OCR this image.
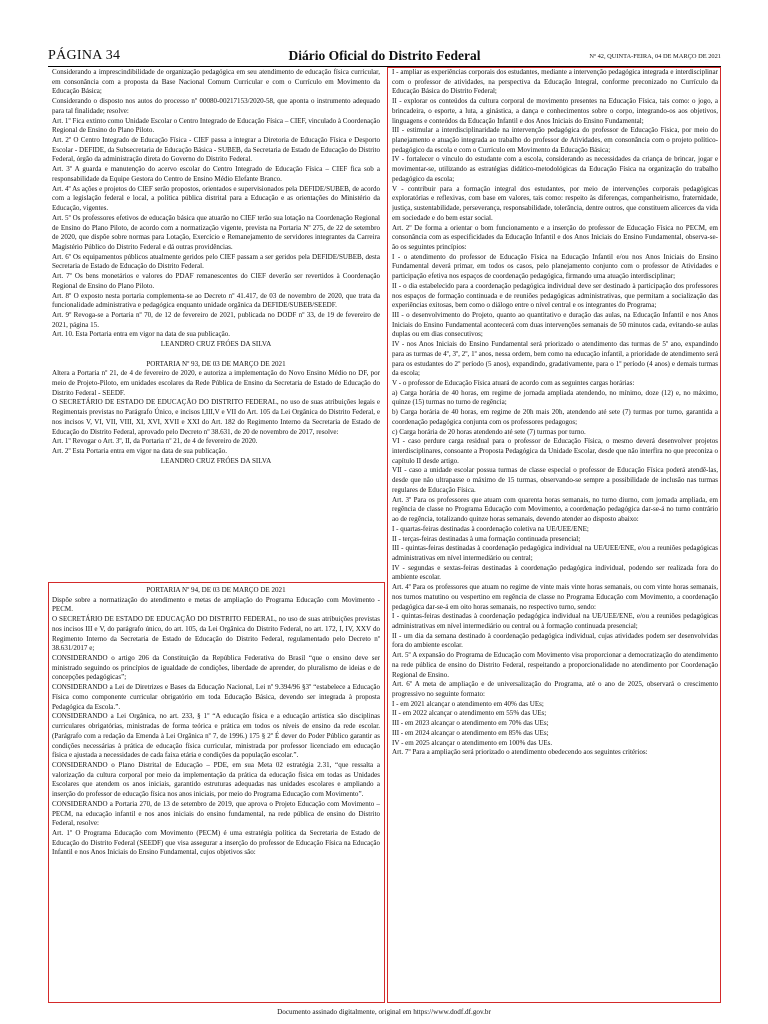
PÁGINA 34	Diário Oficial do Distrito Federal	Nº 42, QUINTA-FEIRA, 04 DE MARÇO DE 2021

Considerando a imprescindibilidade de organização pedagógica em seu atendimento de educação física curricular, em consonância com a proposta da Base Nacional Comum Curricular e com o Currículo em Movimento da Educação Básica;

Considerando o disposto nos autos do processo nº 00080-00217153/2020-58, que aponta o instrumento adequado para tal finalidade; resolve:

Art. 1º Fica extinto como Unidade Escolar o Centro Integrado de Educação Física – CIEF, vinculado à Coordenação Regional de Ensino do Plano Piloto.

Art. 2º O Centro Integrado de Educação Física - CIEF passa a integrar a Diretoria de Educação Física e Desporto Escolar - DEFIDE, da Subsecretaria de Educação Básica - SUBEB, da Secretaria de Estado de Educação do Distrito Federal, órgão da administração direta do Governo do Distrito Federal.

Art. 3º A guarda e manutenção do acervo escolar do Centro Integrado de Educação Física – CIEF fica sob a responsabilidade da Equipe Gestora do Centro de Ensino Médio Elefante Branco.

Art. 4º As ações e projetos do CIEF serão propostos, orientados e supervisionados pela DEFIDE/SUBEB, de acordo com a legislação federal e local, a política pública distrital para a Educação e as orientações do Ministério da Educação, vigentes.

Art. 5º Os professores efetivos de educação básica que atuarão no CIEF terão sua lotação na Coordenação Regional de Ensino do Plano Piloto, de acordo com a normatização vigente, prevista na Portaria Nº 275, de 22 de setembro de 2020, que dispõe sobre normas para Lotação, Exercício e Remanejamento de servidores integrantes da Carreira Magistério Público do Distrito Federal e dá outras providências.

Art. 6º Os equipamentos públicos atualmente geridos pelo CIEF passam a ser geridos pela DEFIDE/SUBEB, desta Secretaria de Estado de Educação do Distrito Federal.

Art. 7º Os bens monetários e valores do PDAF remanescentes do CIEF deverão ser revertidos à Coordenação Regional de Ensino do Plano Piloto.

Art. 8º O exposto nesta portaria complementa-se ao Decreto nº 41.417, de 03 de novembro de 2020, que trata da funcionalidade administrativa e pedagógica enquanto unidade orgânica da DEFIDE/SUBEB/SEEDF.

Art. 9º Revoga-se a Portaria nº 70, de 12 de fevereiro de 2021, publicada no DODF nº 33, de 19 de fevereiro de 2021, página 15.

Art. 10. Esta Portaria entra em vigor na data de sua publicação.

LEANDRO CRUZ FRÓES DA SILVA

PORTARIA Nº 93, DE 03 DE MARÇO DE 2021

Altera a Portaria nº 21, de 4 de fevereiro de 2020, e autoriza a implementação do Novo Ensino Médio no DF, por meio de Projeto-Piloto, em unidades escolares da Rede Pública de Ensino da Secretaria de Estado de Educação do Distrito Federal - SEEDF.

O SECRETÁRIO DE ESTADO DE EDUCAÇÃO DO DISTRITO FEDERAL, no uso de suas atribuições legais e Regimentais previstas no Parágrafo Único, e incisos I,III,V e VII do Art. 105 da Lei Orgânica do Distrito Federal, e nos incisos V, VI, VII, VIII, XI, XVI, XVII e XXI do Art. 182 do Regimento Interno da Secretaria de Estado de Educação do Distrito Federal, aprovado pelo Decreto nº 38.631, de 20 de novembro de 2017, resolve:

Art. 1º Revogar o Art. 3º, II, da Portaria nº 21, de 4 de fevereiro de 2020.

Art. 2º Esta Portaria entra em vigor na data de sua publicação.

LEANDRO CRUZ FRÓES DA SILVA

PORTARIA Nº 94, DE 03 DE MARÇO DE 2021

Dispõe sobre a normatização do atendimento e metas de ampliação do Programa Educação com Movimento - PECM.

O SECRETÁRIO DE ESTADO DE EDUCAÇÃO DO DISTRITO FEDERAL, no uso de suas atribuições previstas nos incisos III e V, do parágrafo único, do art. 105, da Lei Orgânica do Distrito Federal, no art. 172, I, IV, XXV do Regimento Interno da Secretaria de Estado de Educação do Distrito Federal, regulamentado pelo Decreto nº 38.631/2017 e;

CONSIDERANDO o artigo 206 da Constituição da República Federativa do Brasil “que o ensino deve ser ministrado seguindo os princípios de igualdade de condições, liberdade de aprender, do pluralismo de ideias e de concepções pedagógicas”;

CONSIDERANDO a Lei de Diretrizes e Bases da Educação Nacional, Lei nº 9.394/96 §3º “estabelece a Educação Física como componente curricular obrigatório em toda Educação Básica, devendo ser integrada à proposta Pedagógica da Escola.”.

CONSIDERANDO a Lei Orgânica, no art. 233, § 1º “A educação física e a educação artística são disciplinas curriculares obrigatórias, ministradas de forma teórica e prática em todos os níveis de ensino da rede escolar. (Parágrafo com a redação da Emenda à Lei Orgânica nº 7, de 1996.) 175 § 2º É dever do Poder Público garantir as condições necessárias à prática de educação física curricular, ministrada por professor licenciado em educação física e ajustada a necessidades de cada faixa etária e condições da população escolar.”.

CONSIDERANDO o Plano Distrital de Educação – PDE, em sua Meta 02 estratégia 2.31, “que ressalta a valorização da cultura corporal por meio da implementação da prática da educação física em todas as Unidades Escolares que atendem os anos iniciais, garantido estruturas adequadas nas unidades escolares e ampliando a inserção do professor de educação física nos anos iniciais, por meio do Programa Educação com Movimento”.

CONSIDERANDO a Portaria 270, de 13 de setembro de 2019, que aprova o Projeto Educação com Movimento – PECM, na educação infantil e nos anos iniciais do ensino fundamental, na rede pública de ensino do Distrito Federal, resolve:

Art. 1º O Programa Educação com Movimento (PECM) é uma estratégia política da Secretaria de Estado de Educação do Distrito Federal (SEEDF) que visa assegurar a inserção do professor de Educação Física na Educação Infantil e nos Anos Iniciais do Ensino Fundamental, cujos objetivos são:

I - ampliar as experiências corporais dos estudantes, mediante a intervenção pedagógica integrada e interdisciplinar com o professor de atividades, na perspectiva da Educação Integral, conforme preconizado no Currículo da Educação Básica do Distrito Federal;

II - explorar os conteúdos da cultura corporal de movimento presentes na Educação Física, tais como: o jogo, a brincadeira, o esporte, a luta, a ginástica, a dança e conhecimentos sobre o corpo, integrando-os aos objetivos, linguagens e conteúdos da Educação Infantil e dos Anos Iniciais do Ensino Fundamental;

III - estimular a interdisciplinaridade na intervenção pedagógica do professor de Educação Física, por meio do planejamento e atuação integrada ao trabalho do professor de Atividades, em consonância com o projeto político-pedagógico da escola e com o Currículo em Movimento da Educação Básica;

IV - fortalecer o vínculo do estudante com a escola, considerando as necessidades da criança de brincar, jogar e movimentar-se, utilizando as estratégias didático-metodológicas da Educação Física na organização do trabalho pedagógico da escola;

V - contribuir para a formação integral dos estudantes, por meio de intervenções corporais pedagógicas exploratórias e reflexivas, com base em valores, tais como: respeito às diferenças, companheirismo, fraternidade, justiça, sustentabilidade, perseverança, responsabilidade, tolerância, dentre outros, que constituem alicerces da vida em sociedade e do bem estar social.

Art. 2º De forma a orientar o bom funcionamento e a inserção do professor de Educação Física no PECM, em consonância com as especificidades da Educação Infantil e dos Anos Iniciais do Ensino Fundamental, observa-se-ão os seguintes princípios:

I - o atendimento do professor de Educação Física na Educação Infantil e/ou nos Anos Iniciais do Ensino Fundamental deverá primar, em todos os casos, pelo planejamento conjunto com o professor de Atividades e participação efetiva nos espaços de coordenação pedagógica, firmando uma atuação interdisciplinar;

II - o dia estabelecido para a coordenação pedagógica individual deve ser destinado à participação dos professores nos espaços de formação continuada e de reuniões pedagógicas administrativas, que permitam a socialização das experiências exitosas, bem como o diálogo entre o nível central e os integrantes do Programa;

III - o desenvolvimento do Projeto, quanto ao quantitativo e duração das aulas, na Educação Infantil e nos Anos Iniciais do Ensino Fundamental acontecerá com duas intervenções semanais de 50 minutos cada, evitando-se aulas duplas ou em dias consecutivos;

IV - nos Anos Iniciais do Ensino Fundamental será priorizado o atendimento das turmas de 5º ano, expandindo para as turmas de 4º, 3º, 2º, 1º anos, nessa ordem, bem como na educação infantil, a prioridade de atendimento será para os estudantes do 2º período (5 anos), expandindo, gradativamente, para o 1º período (4 anos) e demais turmas da escola;

V - o professor de Educação Física atuará de acordo com as seguintes cargas horárias:

a) Carga horária de 40 horas, em regime de jornada ampliada atendendo, no mínimo, doze (12) e, no máximo, quinze (15) turmas no turno de regência;

b) Carga horária de 40 horas, em regime de 20h mais 20h, atendendo até sete (7) turmas por turno, garantida a coordenação pedagógica conjunta com os professores pedagogos;

c) Carga horária de 20 horas atendendo até sete (7) turmas por turno.

VI - caso perdure carga residual para o professor de Educação Física, o mesmo deverá desenvolver projetos interdisciplinares, consoante a Proposta Pedagógica da Unidade Escolar, desde que não interfira no que preconiza o capítulo II desde artigo.

VII - caso a unidade escolar possua turmas de classe especial o professor de Educação Física poderá atendê-las, desde que não ultrapasse o máximo de 15 turmas, observando-se sempre a possibilidade de inclusão nas turmas regulares de Educação Física.

Art. 3º Para os professores que atuam com quarenta horas semanais, no turno diurno, com jornada ampliada, em regência de classe no Programa Educação com Movimento, a coordenação pedagógica dar-se-á no turno contrário ao de regência, totalizando quinze horas semanais, devendo atender ao disposto abaixo:

I - quartas-feiras destinadas à coordenação coletiva na UE/UEE/ENE;

II - terças-feiras destinadas à uma formação continuada presencial;

III - quintas-feiras destinadas à coordenação pedagógica individual na UE/UEE/ENE, e/ou a reuniões pedagógicas administrativas em nível intermediário ou central;

IV - segundas e sextas-feiras destinadas à coordenação pedagógica individual, podendo ser realizada fora do ambiente escolar.

Art. 4º Para os professores que atuam no regime de vinte mais vinte horas semanais, ou com vinte horas semanais, nos turnos matutino ou vespertino em regência de classe no Programa Educação com Movimento, a coordenação pedagógica dar-se-á em oito horas semanais, no respectivo turno, sendo:

I - quintas-feiras destinadas à coordenação pedagógica individual na UE/UEE/ENE, e/ou a reuniões pedagógicas administrativas em nível intermediário ou central ou à formação continuada presencial;

II - um dia da semana destinado à coordenação pedagógica individual, cujas atividades podem ser desenvolvidas fora do ambiente escolar.

Art. 5º A expansão do Programa de Educação com Movimento visa proporcionar a democratização do atendimento na rede pública de ensino do Distrito Federal, respeitando a proporcionalidade no atendimento por Coordenação Regional de Ensino.

Art. 6º A meta de ampliação e de universalização do Programa, até o ano de 2025, observará o crescimento progressivo no seguinte formato:

I - em 2021 alcançar o atendimento em 40% das UEs;

II - em 2022 alcançar o atendimento em 55% das UEs;

III - em 2023 alcançar o atendimento em 70% das UEs;

III - em 2024 alcançar o atendimento em 85% das UEs;

IV - em 2025 alcançar o atendimento em 100% das UEs.

Art. 7º Para a ampliação será priorizado o atendimento obedecendo aos seguintes critérios:

Documento assinado digitalmente, original em https://www.dodf.df.gov.br
